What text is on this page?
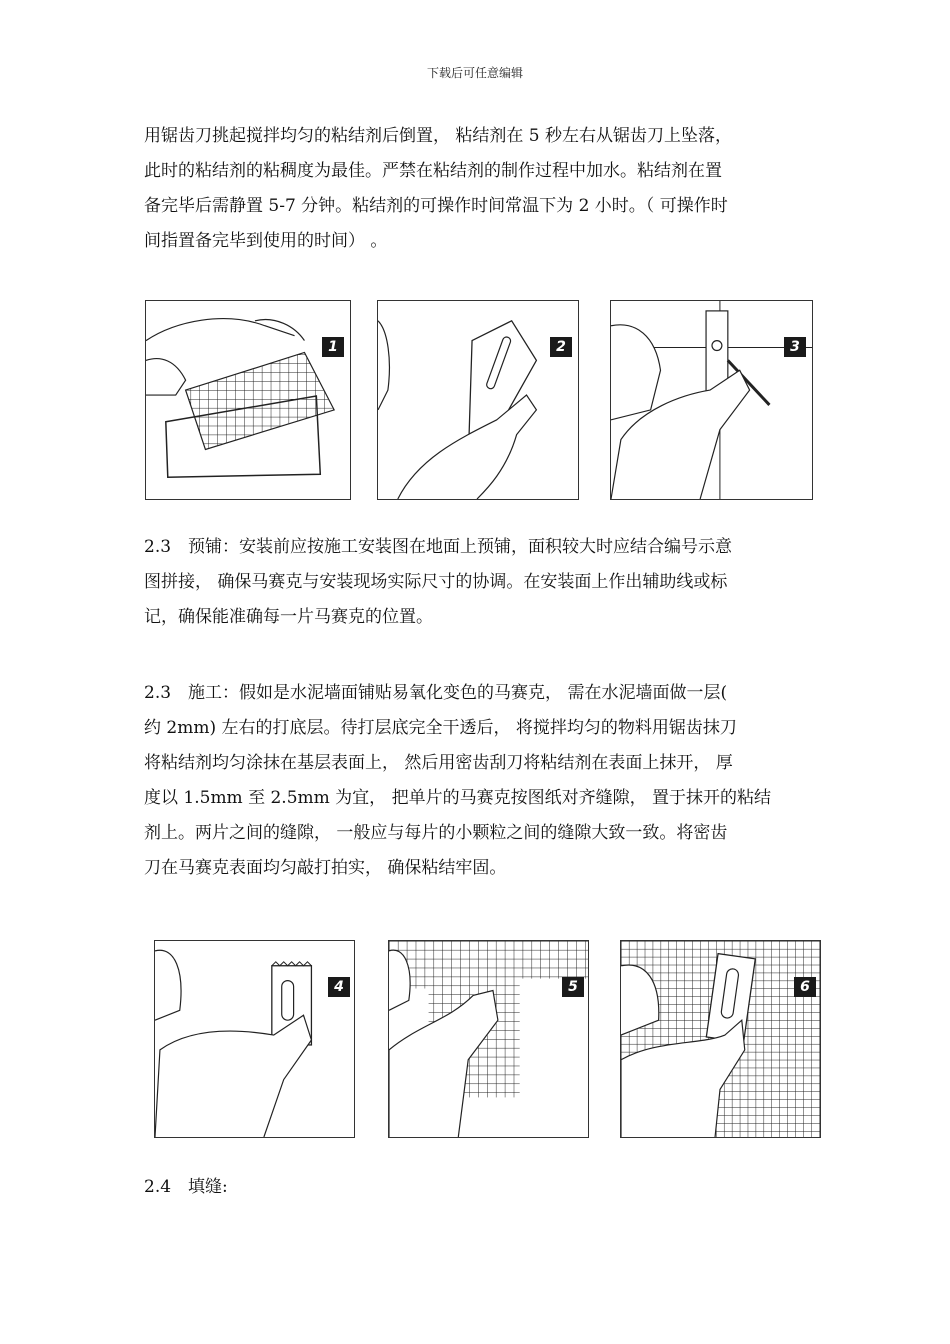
下载后可任意编辑

用锯齿刀挑起搅拌均匀的粘结剂后倒置， 粘结剂在 5 秒左右从锯齿刀上坠落，
此时的粘结剂的粘稠度为最佳。严禁在粘结剂的制作过程中加水。粘结剂在置
备完毕后需静置 5-7 分钟。粘结剂的可操作时间常温下为 2 小时。（ 可操作时
间指置备完毕到使用的时间） 。

1	2	3

2.3　预铺：安装前应按施工安装图在地面上预铺，面积较大时应结合编号示意
图拼接， 确保马赛克与安装现场实际尺寸的协调。在安装面上作出辅助线或标
记，确保能准确每一片马赛克的位置。

2.3　施工：假如是水泥墙面铺贴易氧化变色的马赛克， 需在水泥墙面做一层(
约 2mm) 左右的打底层。待打层底完全干透后， 将搅拌均匀的物料用锯齿抹刀
将粘结剂均匀涂抹在基层表面上， 然后用密齿刮刀将粘结剂在表面上抹开， 厚
度以 1.5mm 至 2.5mm 为宜， 把单片的马赛克按图纸对齐缝隙， 置于抹开的粘结
剂上。两片之间的缝隙， 一般应与每片的小颗粒之间的缝隙大致一致。将密齿
刀在马赛克表面均匀敲打拍实， 确保粘结牢固。

4	5	6
2.4　填缝:
